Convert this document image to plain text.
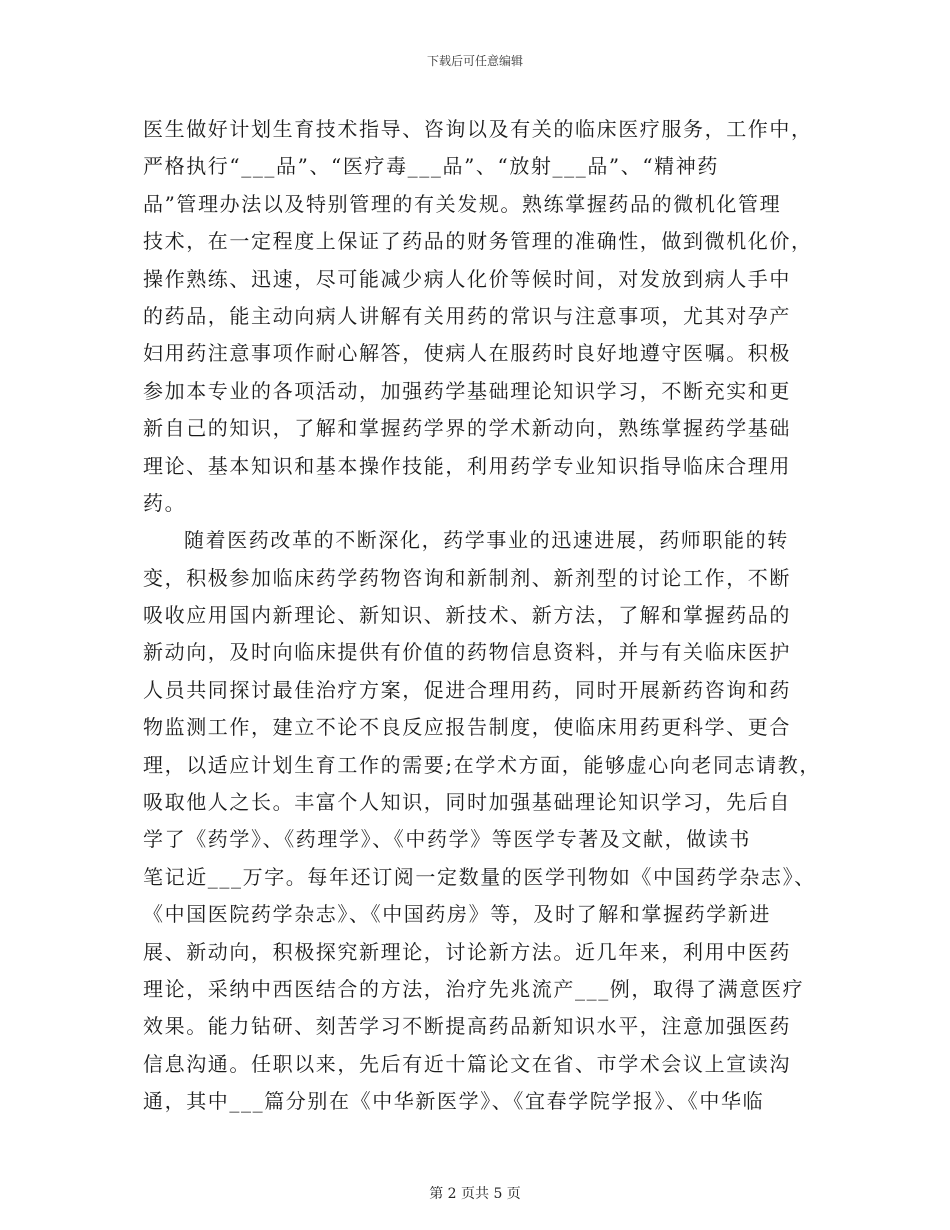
下载后可任意编辑
医生做好计划生育技术指导、咨询以及有关的临床医疗服务，工作中，
严格执行“___品”、“医疗毒___品”、“放射___品”、“精神药
品”管理办法以及特别管理的有关发规。熟练掌握药品的微机化管理
技术，在一定程度上保证了药品的财务管理的准确性，做到微机化价，
操作熟练、迅速，尽可能减少病人化价等候时间，对发放到病人手中
的药品，能主动向病人讲解有关用药的常识与注意事项，尤其对孕产
妇用药注意事项作耐心解答，使病人在服药时良好地遵守医嘱。积极
参加本专业的各项活动，加强药学基础理论知识学习，不断充实和更
新自己的知识，了解和掌握药学界的学术新动向，熟练掌握药学基础
理论、基本知识和基本操作技能，利用药学专业知识指导临床合理用
药。
随着医药改革的不断深化，药学事业的迅速进展，药师职能的转
变，积极参加临床药学药物咨询和新制剂、新剂型的讨论工作，不断
吸收应用国内新理论、新知识、新技术、新方法，了解和掌握药品的
新动向，及时向临床提供有价值的药物信息资料，并与有关临床医护
人员共同探讨最佳治疗方案，促进合理用药，同时开展新药咨询和药
物监测工作，建立不论不良反应报告制度，使临床用药更科学、更合
理，以适应计划生育工作的需要;在学术方面，能够虚心向老同志请教，
吸取他人之长。丰富个人知识，同时加强基础理论知识学习，先后自
学了《药学》、《药理学》、《中药学》等医学专著及文献，做读书
笔记近___万字。每年还订阅一定数量的医学刊物如《中国药学杂志》、
《中国医院药学杂志》、《中国药房》等，及时了解和掌握药学新进
展、新动向，积极探究新理论，讨论新方法。近几年来，利用中医药
理论，采纳中西医结合的方法，治疗先兆流产___例，取得了满意医疗
效果。能力钻研、刻苦学习不断提高药品新知识水平，注意加强医药
信息沟通。任职以来，先后有近十篇论文在省、市学术会议上宣读沟
通，其中___篇分别在《中华新医学》、《宜春学院学报》、《中华临
第 2 页共 5 页
